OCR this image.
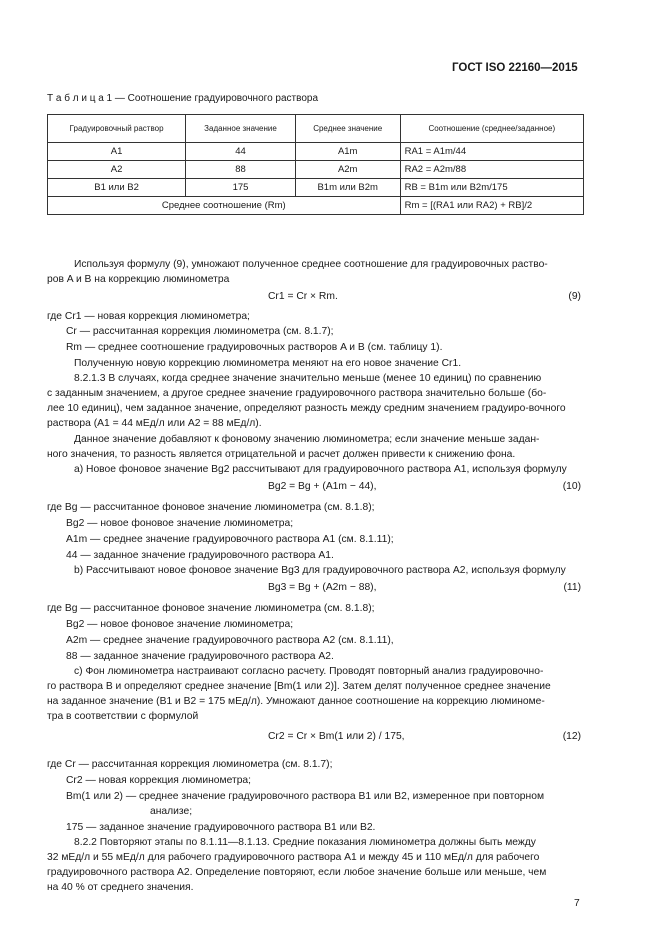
ГОСТ ISO 22160—2015
Т а б л и ц а 1 — Соотношение градуировочного раствора
Градуировочный раствор	Заданное значение	Среднее значение	Соотношение (среднее/заданное)
A1	44	A1m	RA1 = A1m/44
A2	88	A2m	RA2 = A2m/88
B1 или B2	175	B1m или B2m	RB = B1m или B2m/175
Среднее соотношение (Rm)			Rm = [(RA1 или RA2) + RB]/2
Используя формулу (9), умножают полученное среднее соотношение для градуировочных раство-
ров A и B на коррекцию люминометра
Cr1 = Cr × Rm.	(9)
где Cr1 — новая коррекция люминометра;
Cr — рассчитанная коррекция люминометра (см. 8.1.7);
Rm — среднее соотношение градуировочных растворов A и B (см. таблицу 1).
Полученную новую коррекцию люминометра меняют на его новое значение Cr1.
8.2.1.3 В случаях, когда среднее значение значительно меньше (менее 10 единиц) по сравнению
с заданным значением, а другое среднее значение градуировочного раствора значительно больше (бо-
лее 10 единиц), чем заданное значение, определяют разность между средним значением градуиро-вочного
раствора (A1 = 44 мЕд/л или A2 = 88 мЕд/л).
Данное значение добавляют к фоновому значению люминометра; если значение меньше задан-
ного значения, то разность является отрицательной и расчет должен привести к снижению фона.
a) Новое фоновое значение Bg2 рассчитывают для градуировочного раствора A1, используя формулу
Bg2 = Bg + (A1m − 44),	(10)
где Bg — рассчитанное фоновое значение люминометра (см. 8.1.8);
Bg2 — новое фоновое значение люминометра;
A1m — среднее значение градуировочного раствора A1 (см. 8.1.11);
44 — заданное значение градуировочного раствора A1.
b) Рассчитывают новое фоновое значение Bg3 для градуировочного раствора A2, используя формулу
Bg3 = Bg + (A2m − 88),	(11)
где Bg — рассчитанное фоновое значение люминометра (см. 8.1.8);
Bg2 — новое фоновое значение люминометра;
A2m — среднее значение градуировочного раствора A2 (см. 8.1.11),
88 — заданное значение градуировочного раствора A2.
c) Фон люминометра настраивают согласно расчету. Проводят повторный анализ градуировочно-
го раствора B и определяют среднее значение [Bm(1 или 2)]. Затем делят полученное среднее значение
на заданное значение (B1 и B2 = 175 мЕд/л). Умножают данное соотношение на коррекцию люминоме-
тра в соответствии с формулой
Cr2 = Cr × Bm(1 или 2) / 175,	(12)
где Cr — рассчитанная коррекция люминометра (см. 8.1.7);
Cr2 — новая коррекция люминометра;
Bm(1 или 2) — среднее значение градуировочного раствора B1 или B2, измеренное при повторном
анализе;
175 — заданное значение градуировочного раствора B1 или B2.
8.2.2 Повторяют этапы по 8.1.11—8.1.13. Средние показания люминометра должны быть между
32 мЕд/л и 55 мЕд/л для рабочего градуировочного раствора A1 и между 45 и 110 мЕд/л для рабочего
градуировочного раствора A2. Определение повторяют, если любое значение больше или меньше, чем
на 40 % от среднего значения.
7
